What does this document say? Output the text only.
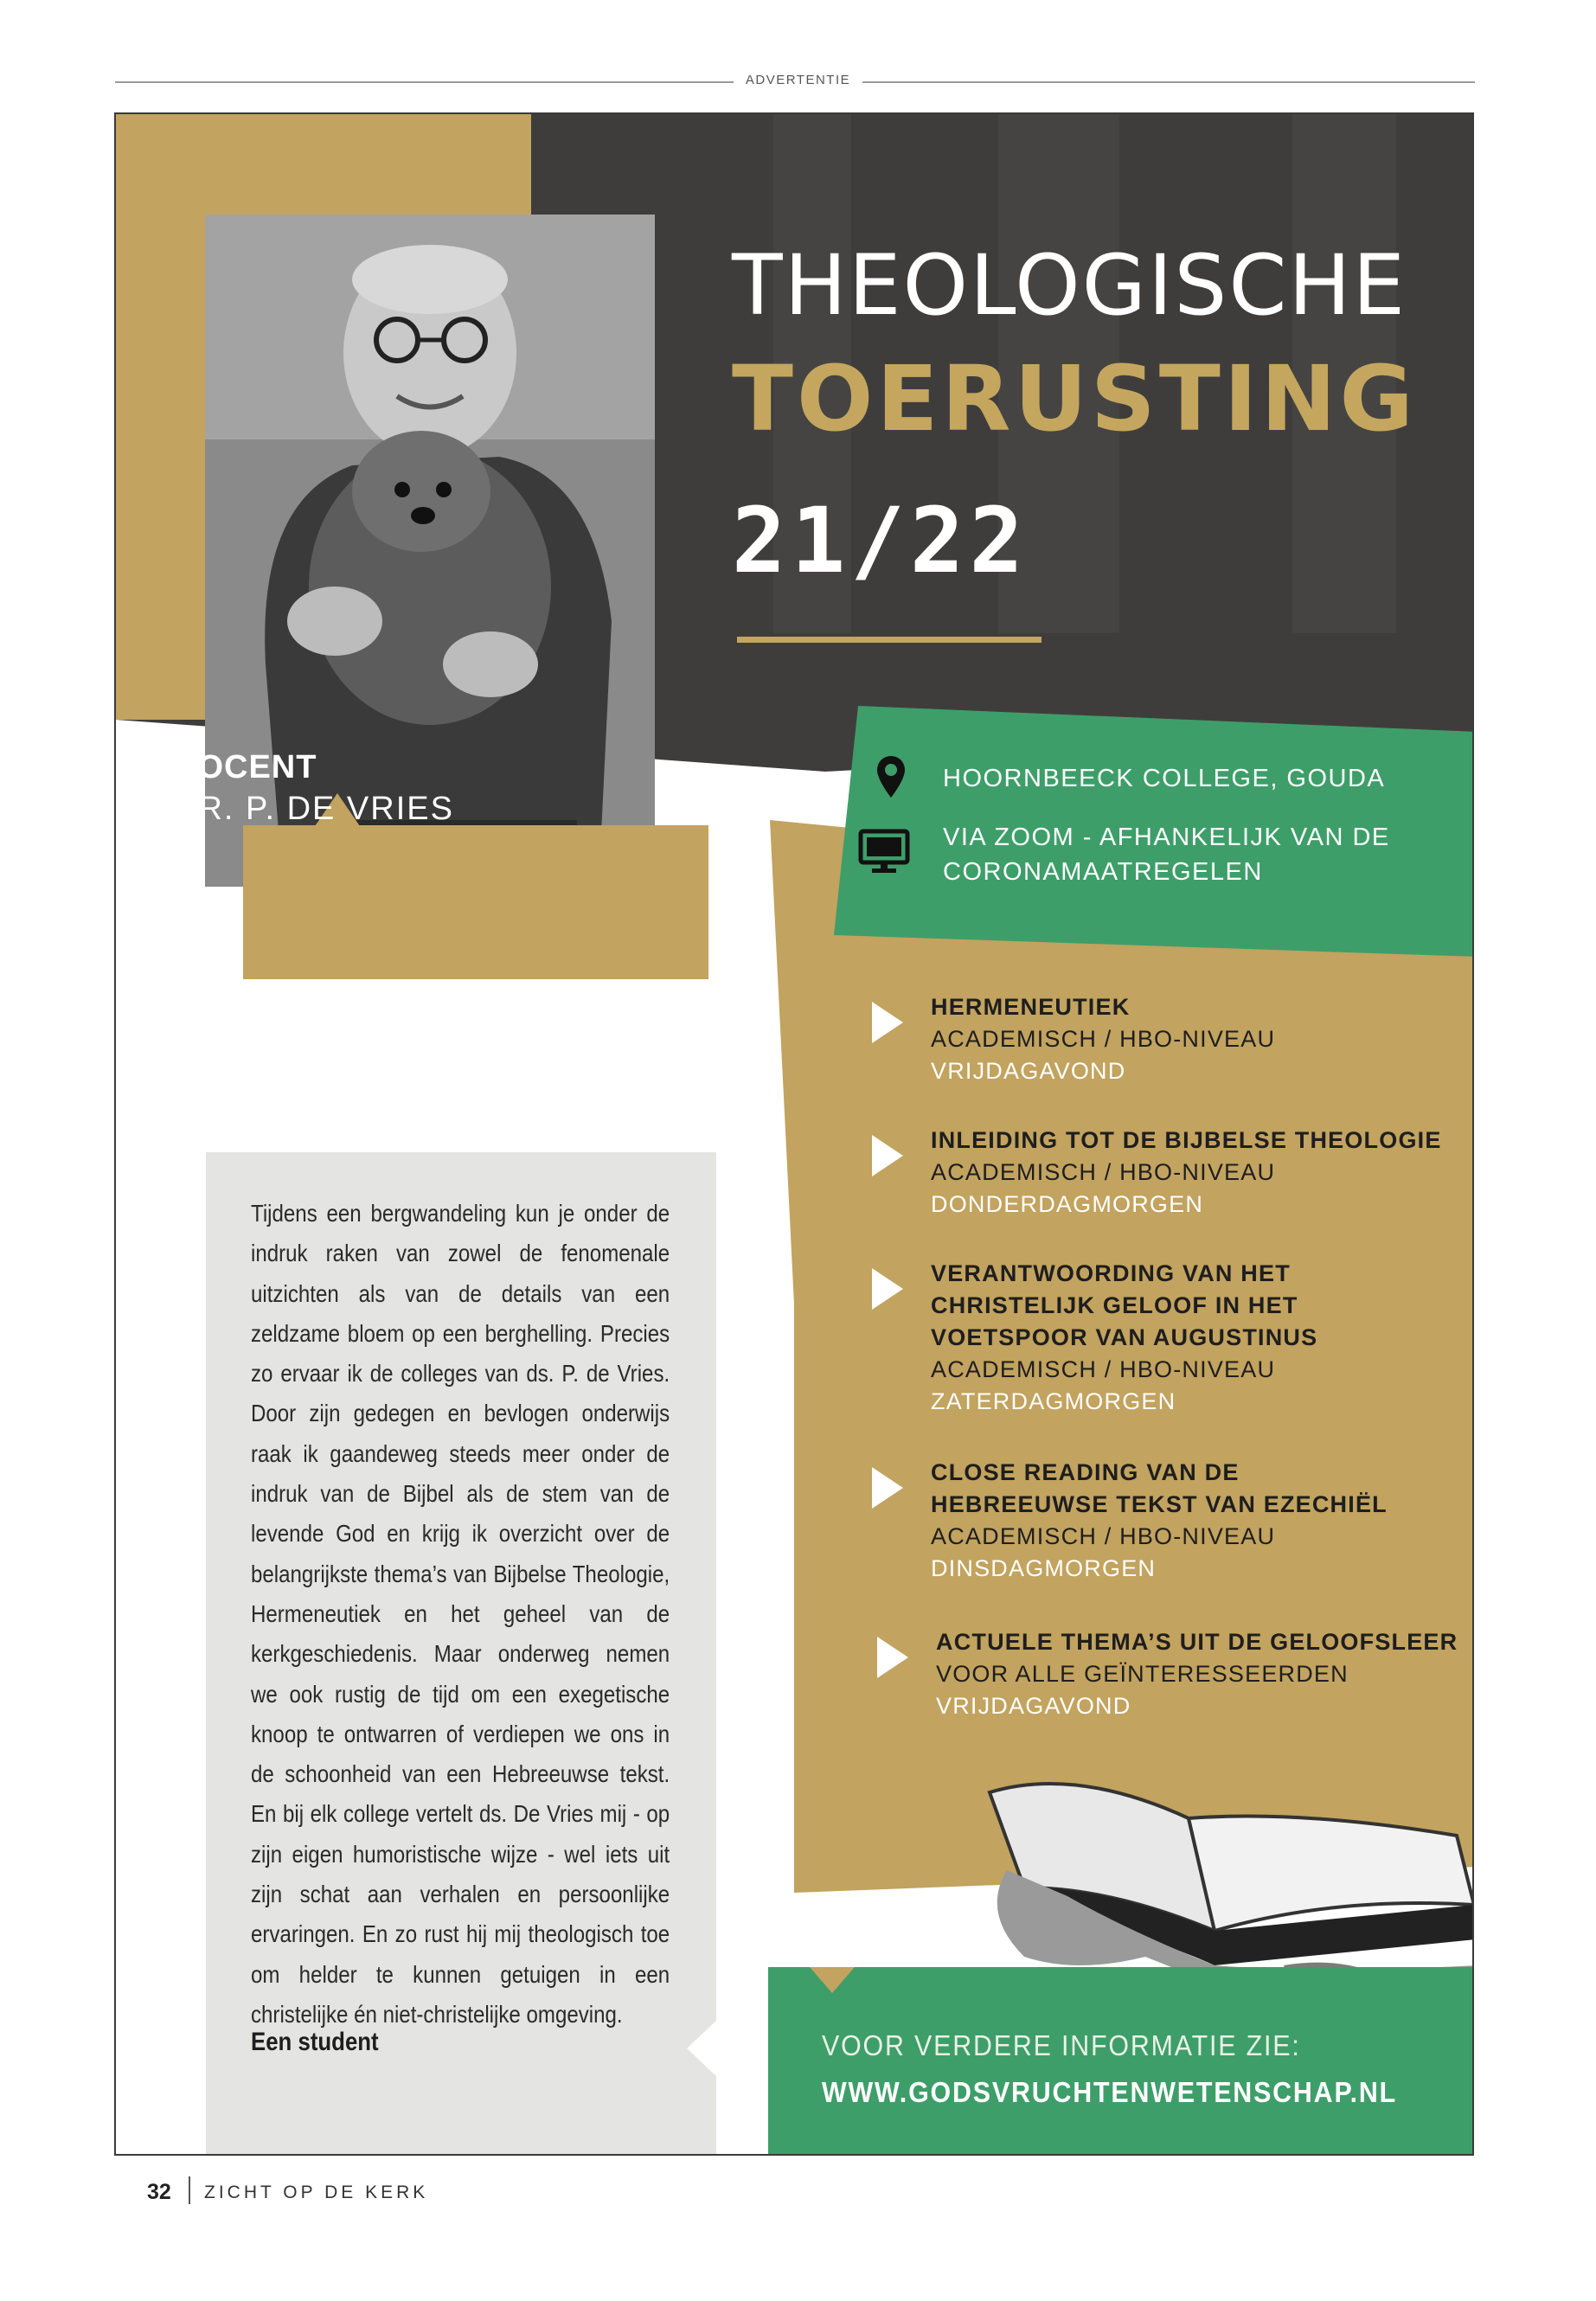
ADVERTENTIE
THEOLOGISCHE
TOERUSTING
21/22
HOORNBEECK COLLEGE, GOUDA
VIA ZOOM - AFHANKELIJK VAN DE
CORONAMAATREGELEN
HERMENEUTIEK
ACADEMISCH / HBO-NIVEAU
VRIJDAGAVOND
INLEIDING TOT DE BIJBELSE THEOLOGIE
ACADEMISCH / HBO-NIVEAU
DONDERDAGMORGEN
VERANTWOORDING VAN HET
CHRISTELIJK GELOOF IN HET
VOETSPOOR VAN AUGUSTINUS
ACADEMISCH / HBO-NIVEAU
ZATERDAGMORGEN
CLOSE READING VAN DE
HEBREEUWSE TEKST VAN EZECHIËL
ACADEMISCH / HBO-NIVEAU
DINSDAGMORGEN
ACTUELE THEMA’S UIT DE GELOOFSLEER
VOOR ALLE GEÏNTERESSEERDEN
VRIJDAGAVOND
AANBEVELING
Tijdens een bergwandeling kun je onder de indruk raken van zowel de fenomenale uitzichten als van de details van een zeldzame bloem op een berghelling. Precies zo ervaar ik de colleges van ds. P. de Vries. Door zijn gedegen en bevlogen onderwijs raak ik gaandeweg steeds meer onder de indruk van de Bijbel als de stem van de levende God en krijg ik overzicht over de belangrijkste thema’s van Bijbelse Theologie, Hermeneutiek en het geheel van de kerkgeschiedenis. Maar onderweg nemen we ook rustig de tijd om een exegetische knoop te ontwarren of verdiepen we ons in de schoonheid van een Hebreeuwse tekst. En bij elk college vertelt ds. De Vries mij - op zijn eigen humoristische wijze - wel iets uit zijn schat aan verhalen en persoonlijke ervaringen. En zo rust hij mij theologisch toe om helder te kunnen getuigen in een christelijke én niet-christelijke omgeving.
Een student	VOOR VERDERE INFORMATIE ZIE:
WWW.GODSVRUCHTENWETENSCHAP.NL
DOCENT
DR. P. DE VRIES
32 ZICHT OP DE KERK
